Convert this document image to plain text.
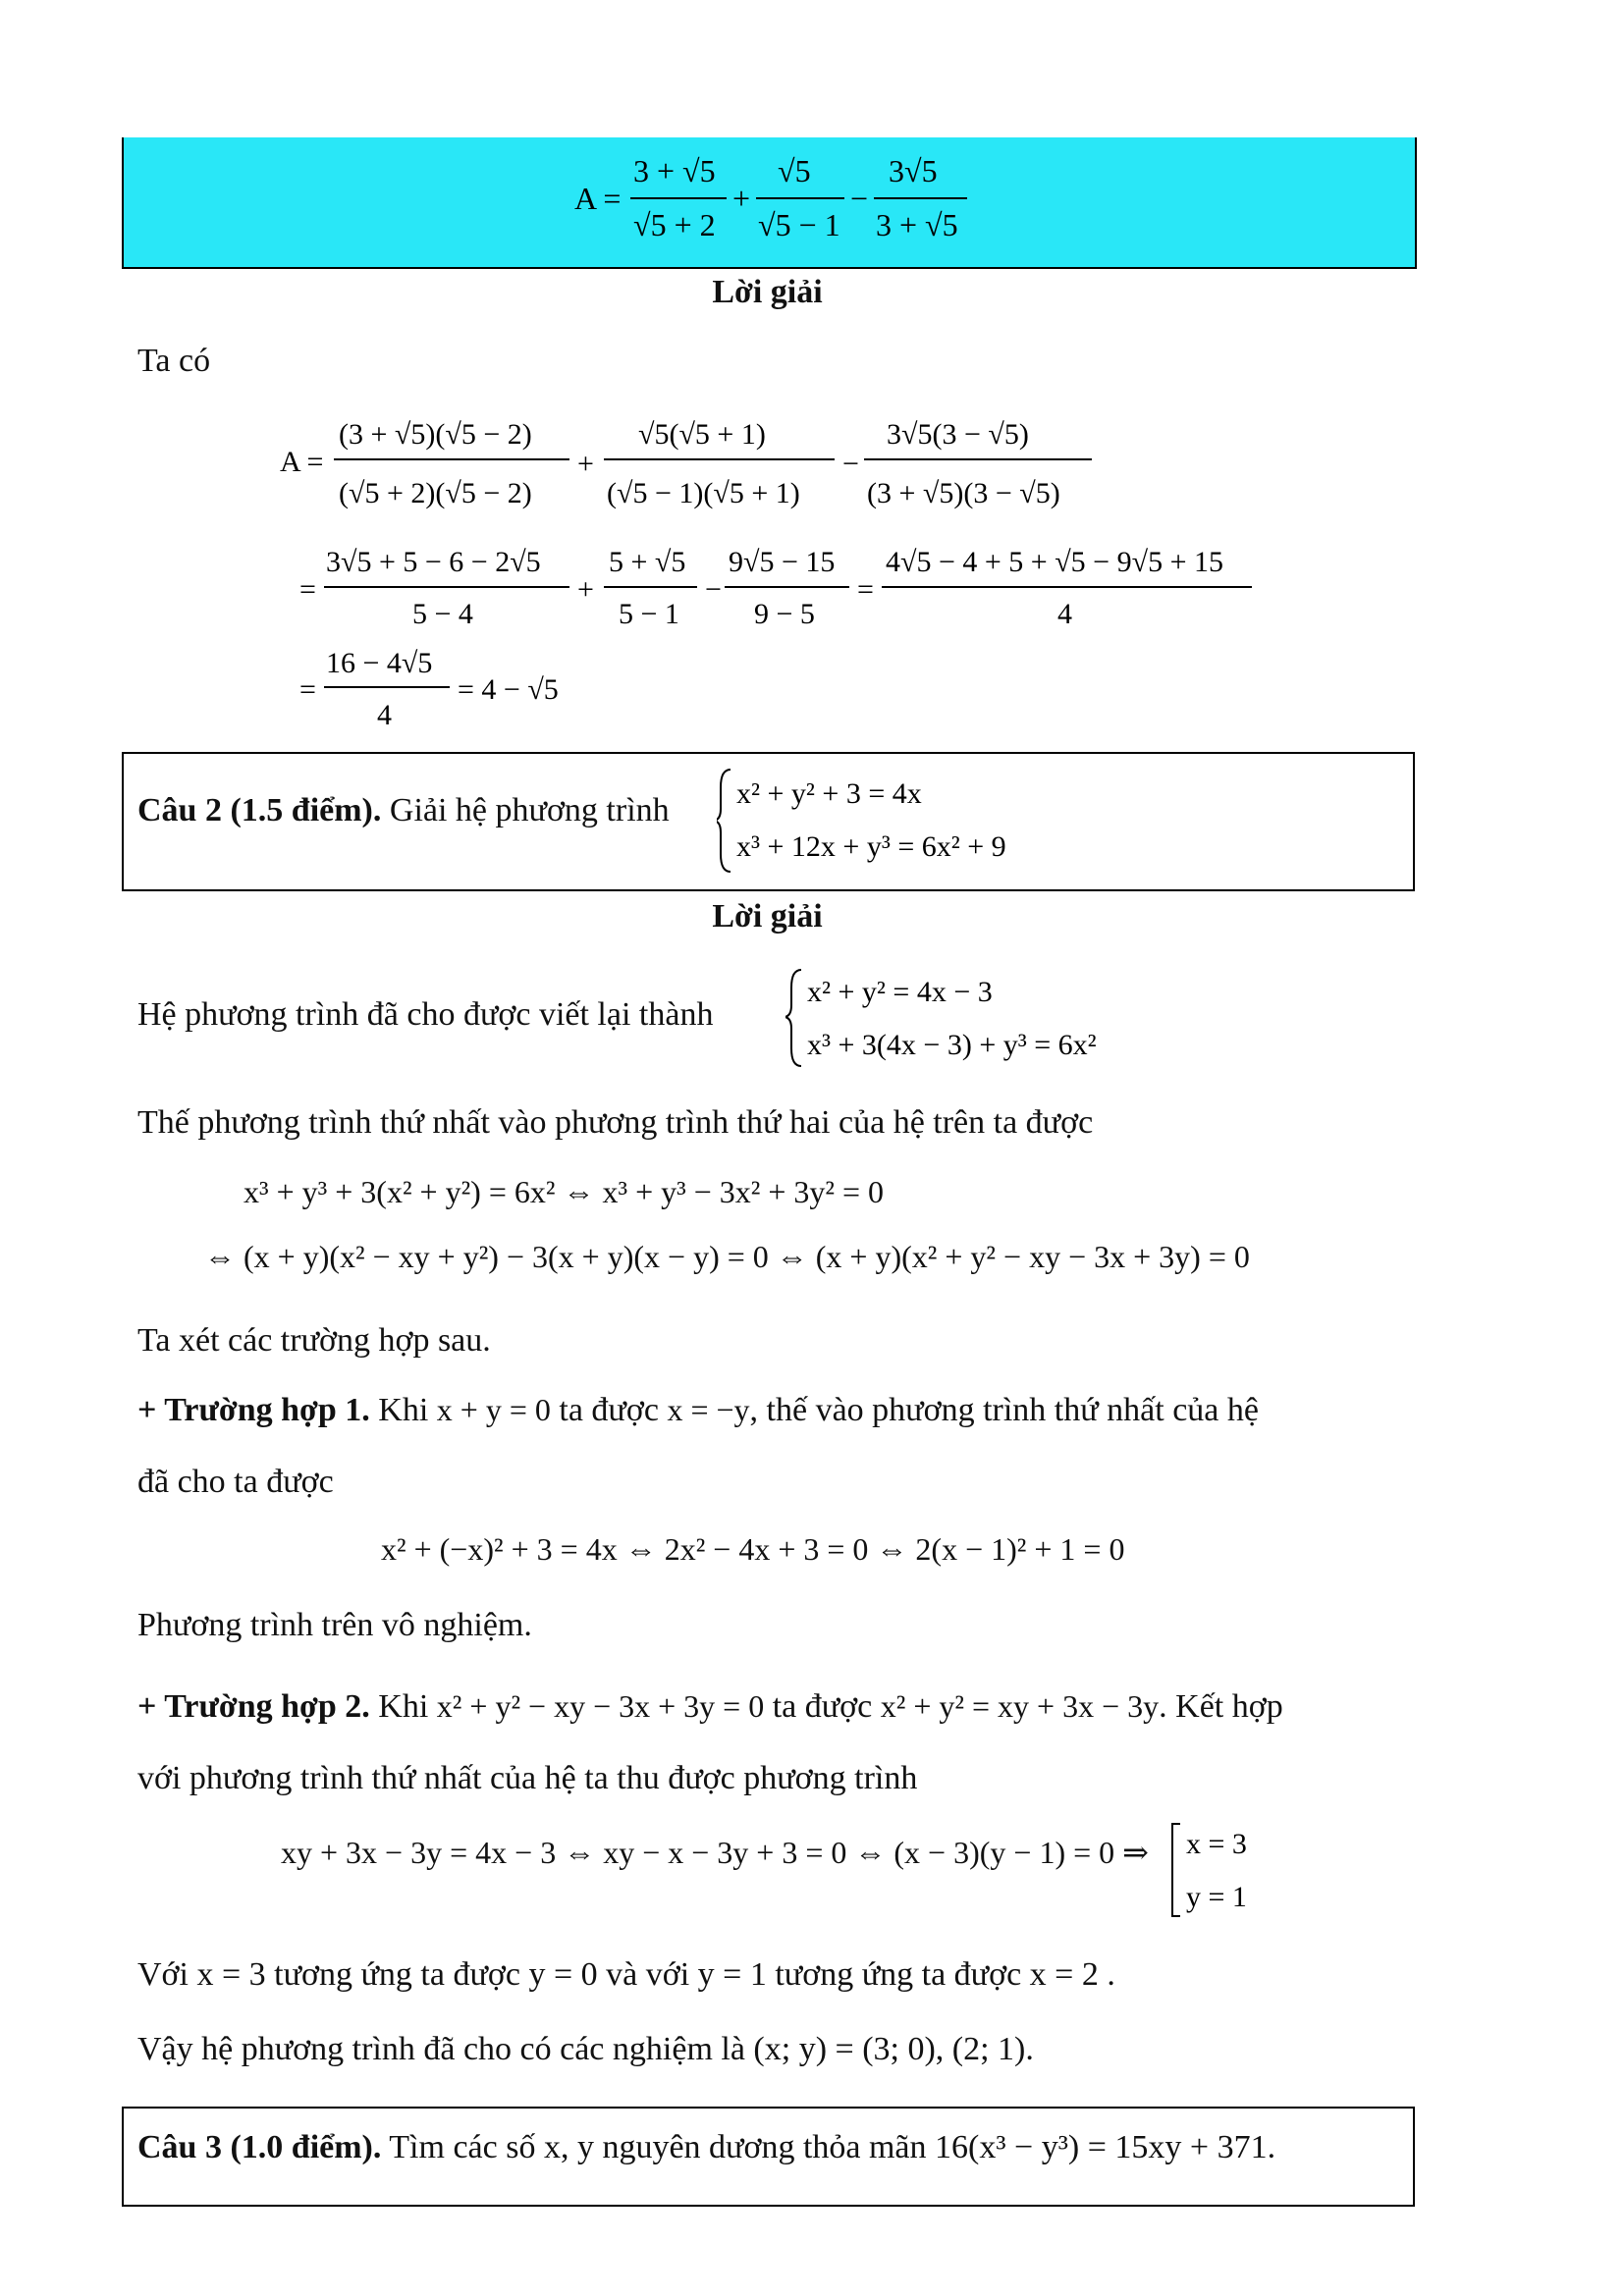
A =
3 + √5
√5 + 2
+
√5
√5 − 1
−
3√5
3 + √5
Lời giải
Ta có
A =
(3 + √5)(√5 − 2)
(√5 + 2)(√5 − 2)
+
√5(√5 + 1)
(√5 − 1)(√5 + 1)
−
3√5(3 − √5)
(3 + √5)(3 − √5)
=
3√5 + 5 − 6 − 2√5
5 − 4
+
5 + √5
5 − 1
−
9√5 − 15
9 − 5
=
4√5 − 4 + 5 + √5 − 9√5 + 15
4
=
16 − 4√5
4
= 4 − √5
Câu 2 (1.5 điểm). Giải hệ phương trình x² + y² + 3 = 4x
x³ + 12x + y³ = 6x² + 9
Lời giải
Hệ phương trình đã cho được viết lại thành
x² + y² = 4x − 3
x³ + 3(4x − 3) + y³ = 6x²
Thế phương trình thứ nhất vào phương trình thứ hai của hệ trên ta được
x³ + y³ + 3(x² + y²) = 6x² ⇔ x³ + y³ − 3x² + 3y² = 0
⇔ (x + y)(x² − xy + y²) − 3(x + y)(x − y) = 0 ⇔ (x + y)(x² + y² − xy − 3x + 3y) = 0
Ta xét các trường hợp sau.
+ Trường hợp 1. Khi x + y = 0 ta được x = −y, thế vào phương trình thứ nhất của hệ
đã cho ta được
x² + (−x)² + 3 = 4x ⇔ 2x² − 4x + 3 = 0 ⇔ 2(x − 1)² + 1 = 0
Phương trình trên vô nghiệm.
+ Trường hợp 2. Khi x² + y² − xy − 3x + 3y = 0 ta được x² + y² = xy + 3x − 3y. Kết hợp
với phương trình thứ nhất của hệ ta thu được phương trình
xy + 3x − 3y = 4x − 3 ⇔ xy − x − 3y + 3 = 0 ⇔ (x − 3)(y − 1) = 0 ⇒ x = 3
y = 1
Với x = 3 tương ứng ta được y = 0 và với y = 1 tương ứng ta được x = 2 .
Vậy hệ phương trình đã cho có các nghiệm là (x; y) = (3; 0), (2; 1).
Câu 3 (1.0 điểm). Tìm các số x, y nguyên dương thỏa mãn 16(x³ − y³) = 15xy + 371.
